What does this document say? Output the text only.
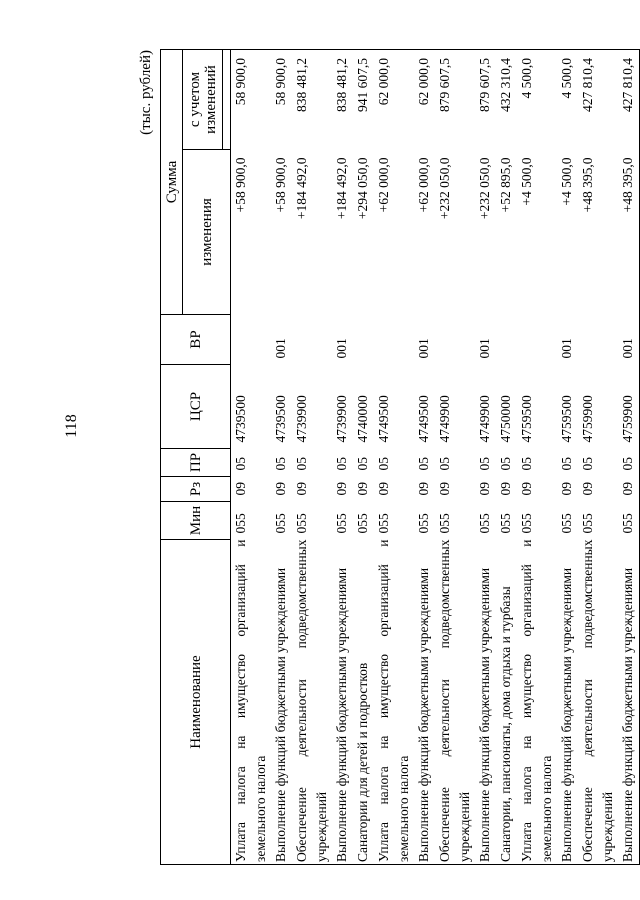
118
(тыс. рублей)
Наименование	Мин	Рз	ПР	ЦСР	ВР	Сумма	
						изменения	с учетом изменений

Уплата налога на имущество организаций и земельного налога	055	09	05	4739500		+58 900,0	58 900,0

Выполнение функций бюджетными учреждениями	055	09	05	4739500	001	+58 900,0	58 900,0

Обеспечение деятельности подведомственных учреждений	055	09	05	4739900		+184 492,0	838 481,2

Выполнение функций бюджетными учреждениями	055	09	05	4739900	001	+184 492,0	838 481,2

Санатории для детей и подростков	055	09	05	4740000		+294 050,0	941 607,5

Уплата налога на имущество организаций и земельного налога	055	09	05	4749500		+62 000,0	62 000,0

Выполнение функций бюджетными учреждениями	055	09	05	4749500	001	+62 000,0	62 000,0

Обеспечение деятельности подведомственных учреждений	055	09	05	4749900		+232 050,0	879 607,5

Выполнение функций бюджетными учреждениями	055	09	05	4749900	001	+232 050,0	879 607,5

Санатории, пансионаты, дома отдыха и турбазы	055	09	05	4750000		+52 895,0	432 310,4

Уплата налога на имущество организаций и земельного налога	055	09	05	4759500		+4 500,0	4 500,0

Выполнение функций бюджетными учреждениями	055	09	05	4759500	001	+4 500,0	4 500,0

Обеспечение деятельности подведомственных учреждений	055	09	05	4759900		+48 395,0	427 810,4

Выполнение функций бюджетными учреждениями	055	09	05	4759900	001	+48 395,0	427 810,4
